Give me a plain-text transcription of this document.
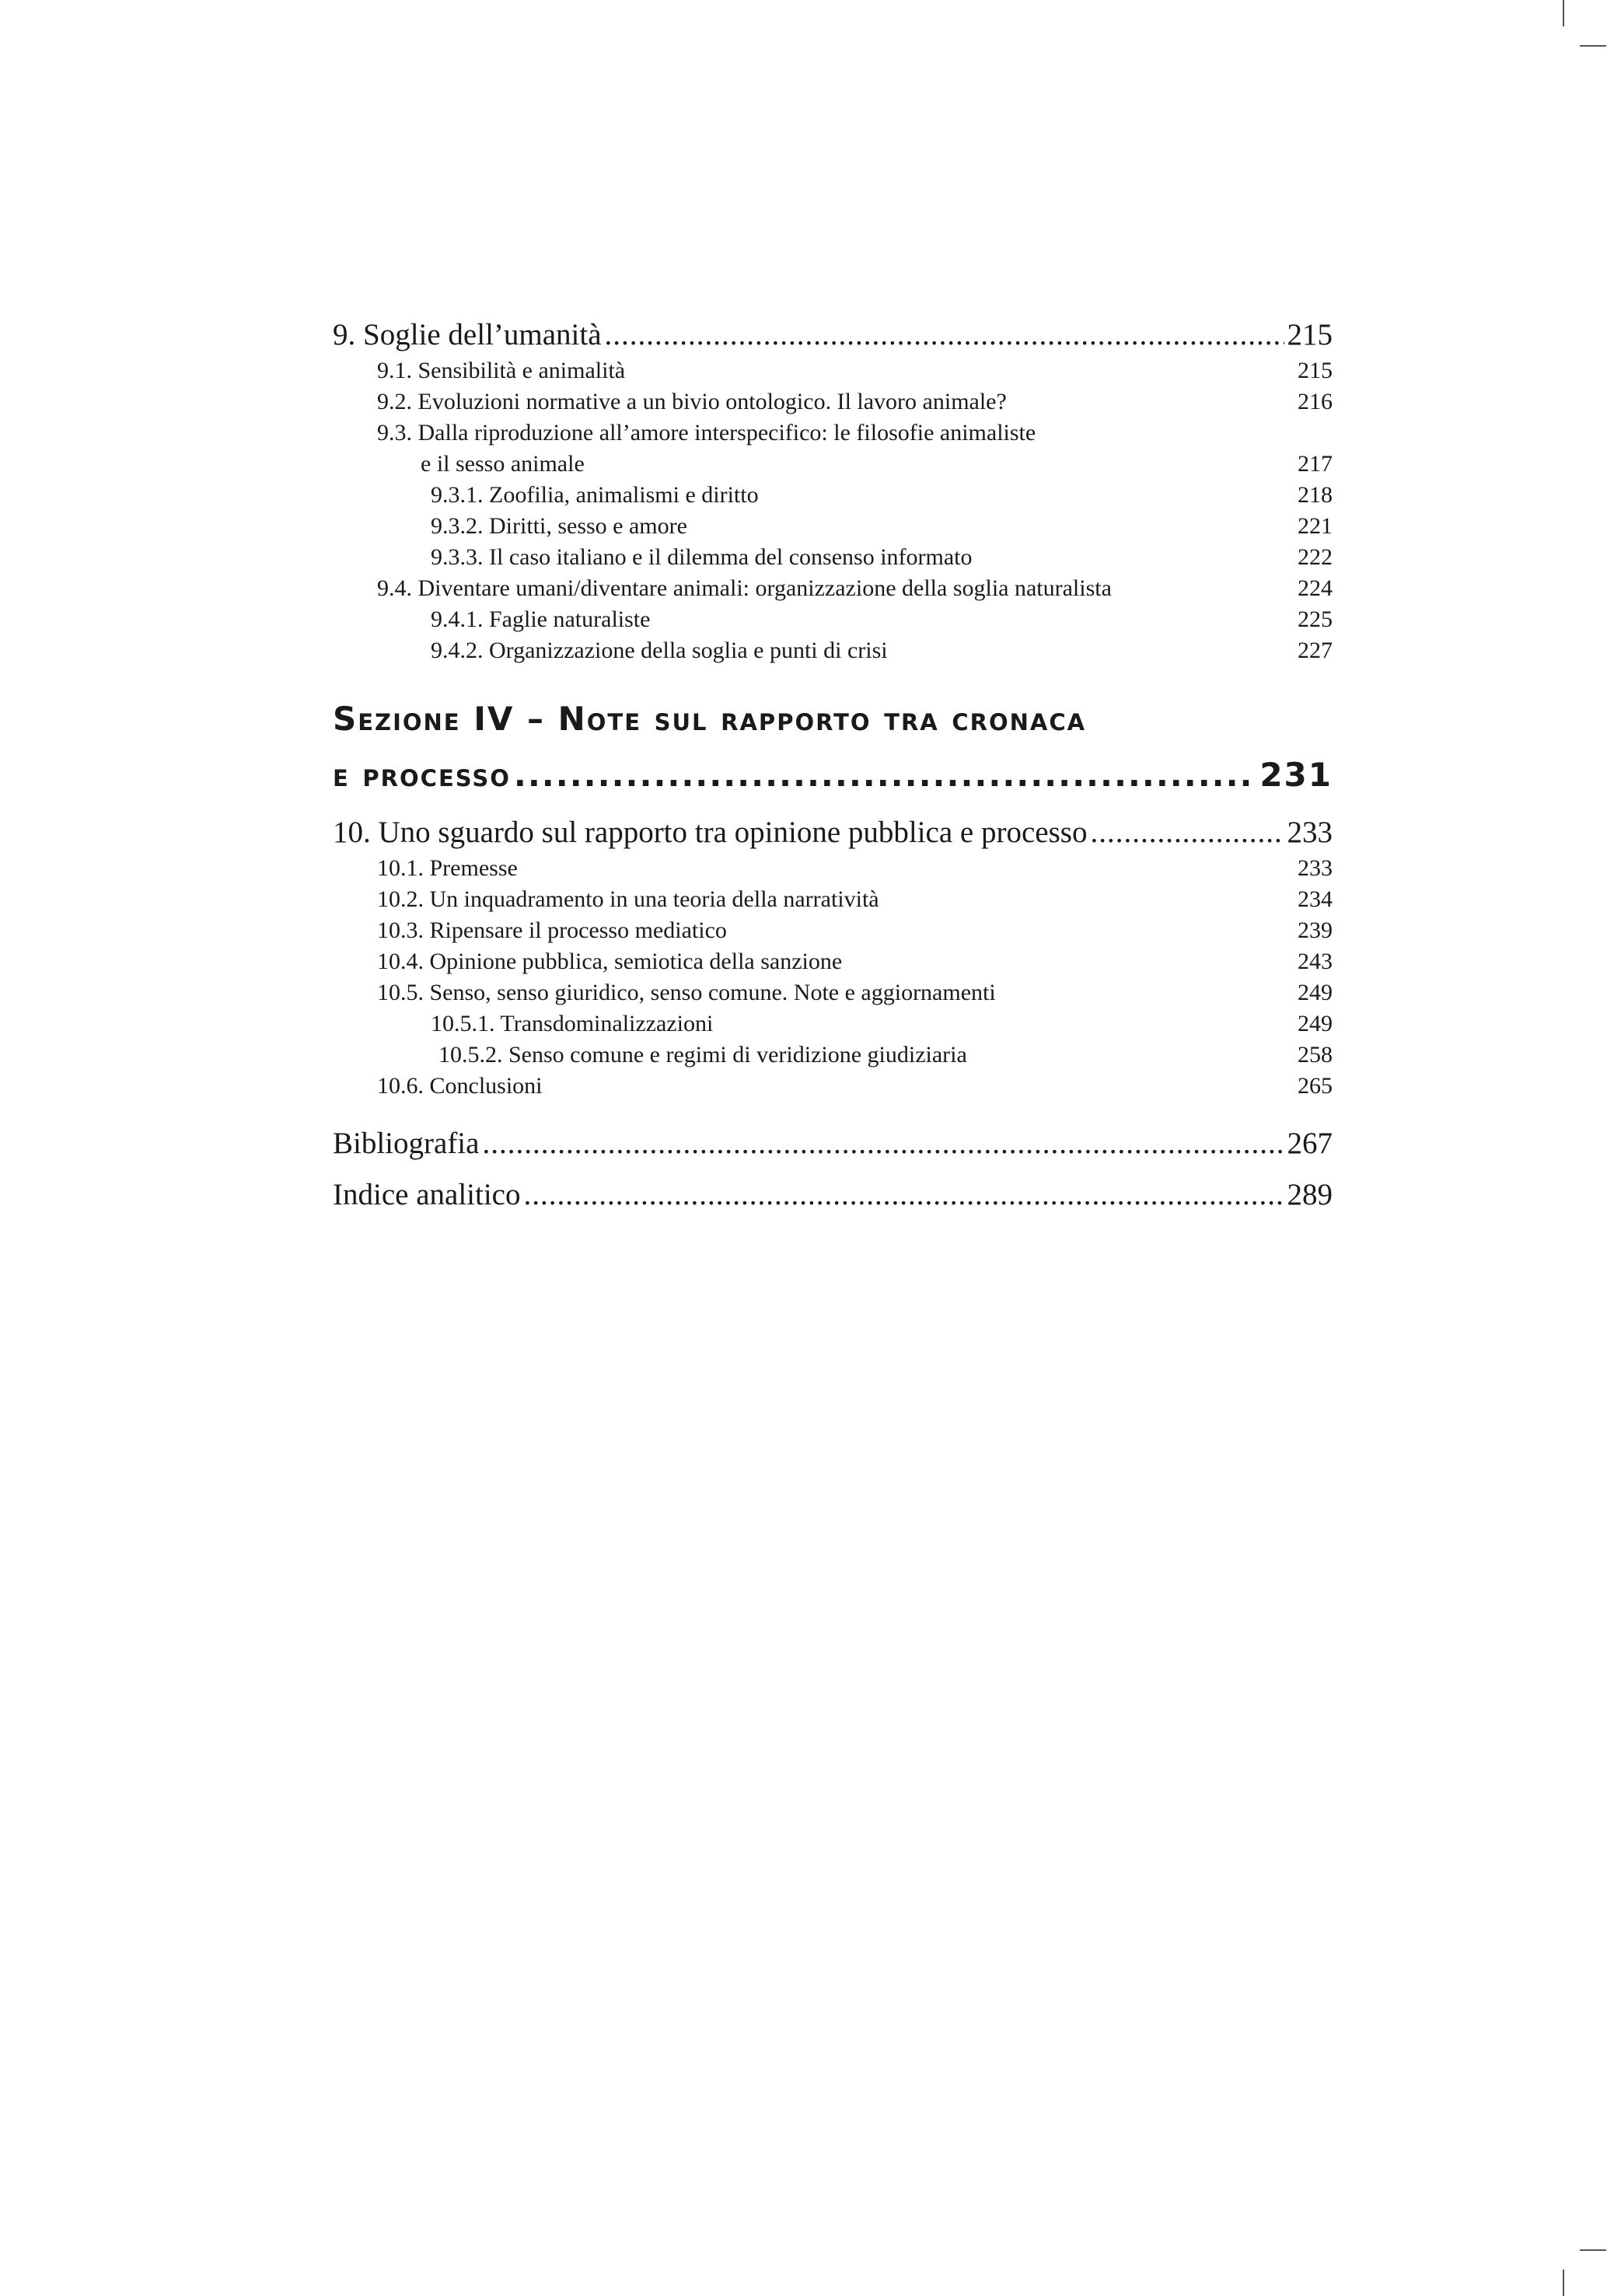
9. Soglie dell’umanità .....	215
9.1. Sensibilità e animalità	215
9.2. Evoluzioni normative a un bivio ontologico. Il lavoro animale?	216
9.3. Dalla riproduzione all’amore interspecifico: le filosofie animaliste
e il sesso animale	217
9.3.1. Zoofilia, animalismi e diritto	218
9.3.2. Diritti, sesso e amore	221
9.3.3. Il caso italiano e il dilemma del consenso informato	222
9.4. Diventare umani/diventare animali: organizzazione della soglia naturalista	224
9.4.1. Faglie naturaliste	225
9.4.2. Organizzazione della soglia e punti di crisi	227
Sezione IV – Note sul rapporto tra cronaca
e processo .....	231
10. Uno sguardo sul rapporto tra opinione pubblica e processo .....	233
10.1. Premesse	233
10.2. Un inquadramento in una teoria della narratività	234
10.3. Ripensare il processo mediatico	239
10.4. Opinione pubblica, semiotica della sanzione	243
10.5. Senso, senso giuridico, senso comune. Note e aggiornamenti	249
10.5.1. Transdominalizzazioni	249
10.5.2. Senso comune e regimi di veridizione giudiziaria	258
10.6. Conclusioni	265
Bibliografia .....	267
Indice analitico .....	289
